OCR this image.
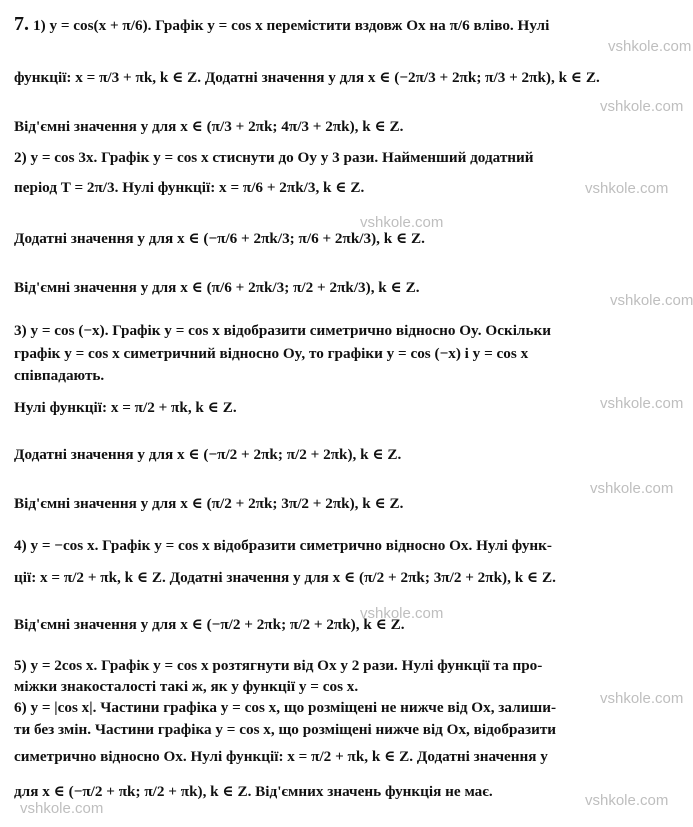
vshkole.com
vshkole.com
vshkole.com
vshkole.com
vshkole.com
vshkole.com
vshkole.com
vshkole.com
vshkole.com
vshkole.com	vshkole.com
7. 1) y = cos(x + π/6). Графік y = cos x перемістити вздовж Ox на π/6 вліво. Нулі
функції: x = π/3 + πk, k ∈ Z. Додатні значення y для x ∈ (−2π/3 + 2πk; π/3 + 2πk), k ∈ Z.
Від'ємні значення y для x ∈ (π/3 + 2πk; 4π/3 + 2πk), k ∈ Z.
2) y = cos 3x. Графік y = cos x стиснути до Oy у 3 рази. Найменший додатний
період T = 2π/3. Нулі функції: x = π/6 + 2πk/3, k ∈ Z.
Додатні значення y для x ∈ (−π/6 + 2πk/3; π/6 + 2πk/3), k ∈ Z.
Від'ємні значення y для x ∈ (π/6 + 2πk/3; π/2 + 2πk/3), k ∈ Z.
3) y = cos (−x). Графік y = cos x відобразити симетрично відносно Oy. Оскільки
графік y = cos x симетричний відносно Oy, то графіки y = cos (−x) і y = cos x
співпадають.
Нулі функції: x = π/2 + πk, k ∈ Z.
Додатні значення y для x ∈ (−π/2 + 2πk; π/2 + 2πk), k ∈ Z.
Від'ємні значення y для x ∈ (π/2 + 2πk; 3π/2 + 2πk), k ∈ Z.
4) y = −cos x. Графік y = cos x відобразити симетрично відносно Ox. Нулі функ-
ції: x = π/2 + πk, k ∈ Z. Додатні значення y для x ∈ (π/2 + 2πk; 3π/2 + 2πk), k ∈ Z.
Від'ємні значення y для x ∈ (−π/2 + 2πk; π/2 + 2πk), k ∈ Z.
5) y = 2cos x. Графік y = cos x розтягнути від Ox у 2 рази. Нулі функції та про-
міжки знакосталості такі ж, як у функції y = cos x.
6) y = |cos x|. Частини графіка y = cos x, що розміщені не нижче від Ox, залиши-
ти без змін. Частини графіка y = cos x, що розміщені нижче від Ox, відобразити
симетрично відносно Ox. Нулі функції: x = π/2 + πk, k ∈ Z. Додатні значення y
для x ∈ (−π/2 + πk; π/2 + πk), k ∈ Z. Від'ємних значень функція не має.
